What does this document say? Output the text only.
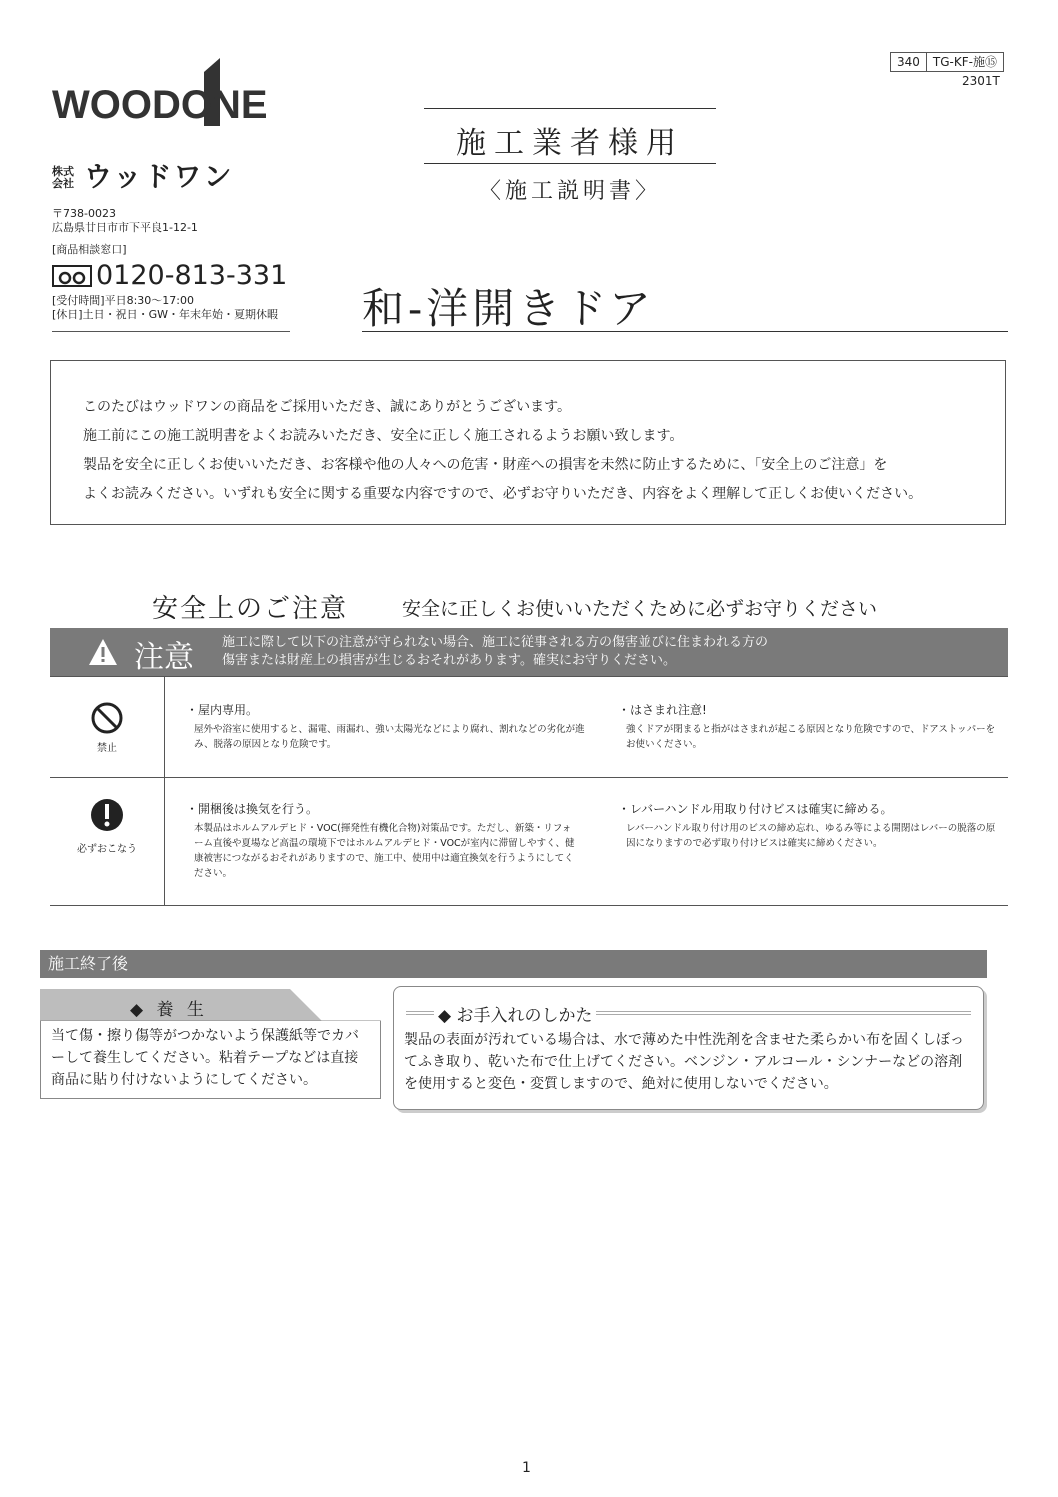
340	TG-KF-施⑮
2301T
WOODONE
株式会社 ウッドワン
〒738-0023
広島県廿日市市下平良1-12-1
[商品相談窓口]
0120-813-331
[受付時間]平日8:30～17:00
[休日]土日・祝日・GW・年末年始・夏期休暇
施工業者様用
〈施工説明書〉
和-洋開きドア

このたびはウッドワンの商品をご採用いただき、誠にありがとうございます。

施工前にこの施工説明書をよくお読みいただき、安全に正しく施工されるようお願い致します。

製品を安全に正しくお使いいただき、お客様や他の人々への危害・財産への損害を未然に防止するために、「安全上のご注意」を

よくお読みください。いずれも安全に関する重要な内容ですので、必ずお守りいただき、内容をよく理解して正しくお使いください。

安全上のご注意	安全に正しくお使いいただくために必ずお守りください
注意 施工に際して以下の注意が守られない場合、施工に従事される方の傷害並びに住まわれる方の
傷害または財産上の損害が生じるおそれがあります。確実にお守りください。
禁止
・屋内専用。

屋外や浴室に使用すると、漏電、雨漏れ、強い太陽光などにより腐れ、割れなどの劣化が進み、脱落の原因となり危険です。

・はさまれ注意!

強くドアが閉まると指がはさまれが起こる原因となり危険ですので、ドアストッパーをお使いください。

必ずおこなう
・開梱後は換気を行う。

本製品はホルムアルデヒド・VOC(揮発性有機化合物)対策品です。ただし、新築・リフォーム直後や夏場など高温の環境下ではホルムアルデヒド・VOCが室内に滞留しやすく、健康被害につながるおそれがありますので、施工中、使用中は適宜換気を行うようにしてください。

・レバーハンドル用取り付けビスは確実に締める。

レバーハンドル取り付け用のビスの締め忘れ、ゆるみ等による開閉はレバーの脱落の原因になりますので必ず取り付けビスは確実に締めください。

施工終了後
◆ 養 生
当て傷・擦り傷等がつかないよう保護紙等でカバーして養生してください。粘着テープなどは直接商品に貼り付けないようにしてください。
◆ お手入れのしかた
製品の表面が汚れている場合は、水で薄めた中性洗剤を含ませた柔らかい布を固くしぼってふき取り、乾いた布で仕上げてください。ベンジン・アルコール・シンナーなどの溶剤を使用すると変色・変質しますので、絶対に使用しないでください。
1
